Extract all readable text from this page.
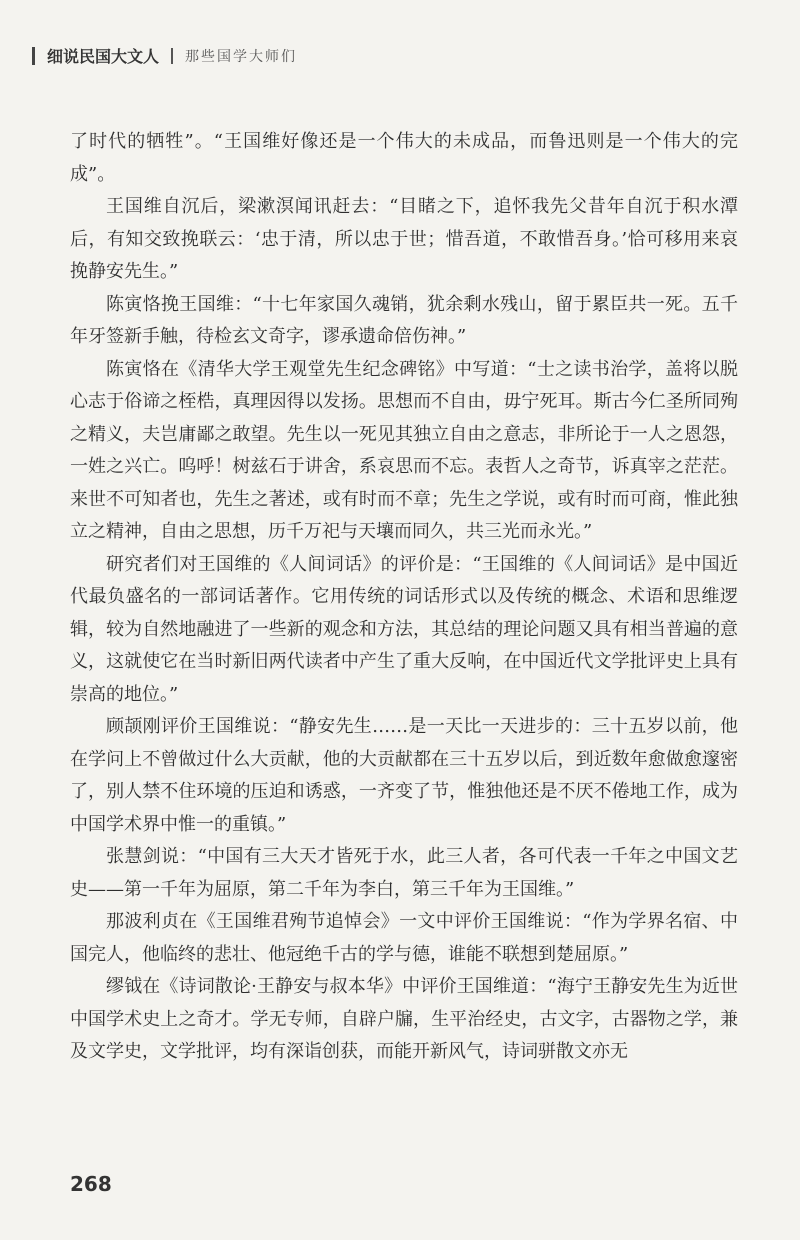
细说民国大文人 那些国学大师们

了时代的牺牲”。“王国维好像还是一个伟大的未成品，而鲁迅则是一个伟大的完成”。

王国维自沉后，梁漱溟闻讯赶去：“目睹之下，追怀我先父昔年自沉于积水潭后，有知交致挽联云：‘忠于清，所以忠于世；惜吾道，不敢惜吾身。’恰可移用来哀挽静安先生。”

陈寅恪挽王国维：“十七年家国久魂销，犹余剩水残山，留于累臣共一死。五千年牙签新手触，待检玄文奇字，谬承遗命倍伤神。”

陈寅恪在《清华大学王观堂先生纪念碑铭》中写道：“士之读书治学，盖将以脱心志于俗谛之桎梏，真理因得以发扬。思想而不自由，毋宁死耳。斯古今仁圣所同殉之精义，夫岂庸鄙之敢望。先生以一死见其独立自由之意志，非所论于一人之恩怨，一姓之兴亡。呜呼！树兹石于讲舍，系哀思而不忘。表哲人之奇节，诉真宰之茫茫。来世不可知者也，先生之著述，或有时而不章；先生之学说，或有时而可商，惟此独立之精神，自由之思想，历千万祀与天壤而同久，共三光而永光。”

研究者们对王国维的《人间词话》的评价是：“王国维的《人间词话》是中国近代最负盛名的一部词话著作。它用传统的词话形式以及传统的概念、术语和思维逻辑，较为自然地融进了一些新的观念和方法，其总结的理论问题又具有相当普遍的意义，这就使它在当时新旧两代读者中产生了重大反响，在中国近代文学批评史上具有崇高的地位。”

顾颉刚评价王国维说：“静安先生……是一天比一天进步的：三十五岁以前，他在学问上不曾做过什么大贡献，他的大贡献都在三十五岁以后，到近数年愈做愈邃密了，别人禁不住环境的压迫和诱惑，一齐变了节，惟独他还是不厌不倦地工作，成为中国学术界中惟一的重镇。”

张慧剑说：“中国有三大天才皆死于水，此三人者，各可代表一千年之中国文艺史——第一千年为屈原，第二千年为李白，第三千年为王国维。”

那波利贞在《王国维君殉节追悼会》一文中评价王国维说：“作为学界名宿、中国完人，他临终的悲壮、他冠绝千古的学与德，谁能不联想到楚屈原。”

缪钺在《诗词散论·王静安与叔本华》中评价王国维道：“海宁王静安先生为近世中国学术史上之奇才。学无专师，自辟户牖，生平治经史，古文字，古器物之学，兼及文学史，文学批评，均有深诣创获，而能开新风气，诗词骈散文亦无

268
